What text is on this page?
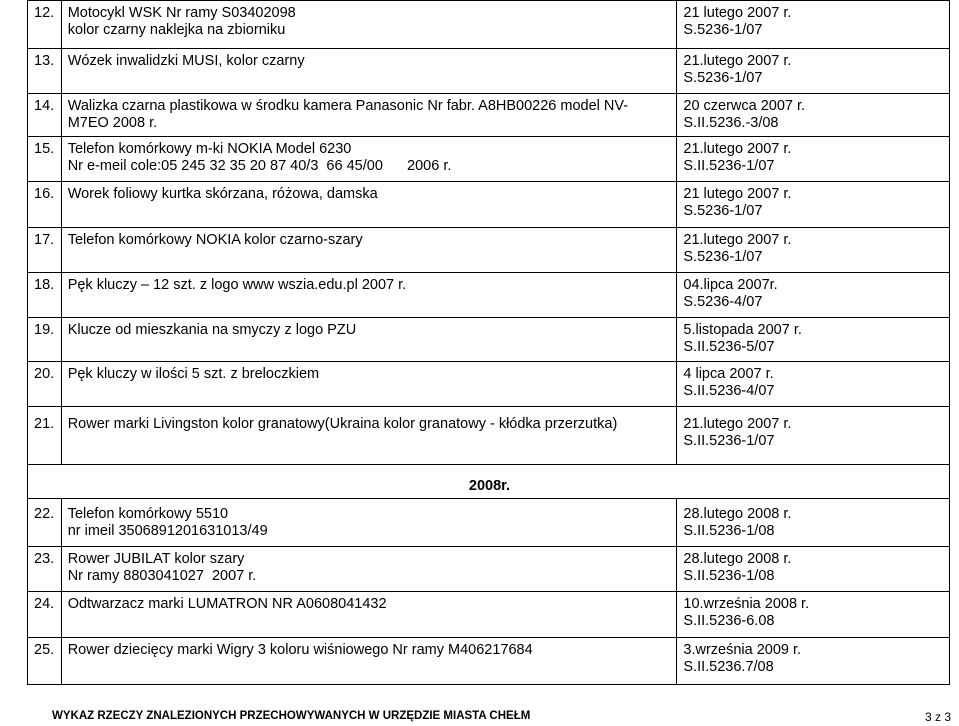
12.	Motocykl WSK Nr ramy S03402098
kolor czarny naklejka na zbiorniku	21 lutego 2007 r.
S.5236-1/07

13.	Wózek inwalidzki MUSI, kolor czarny	21.lutego 2007 r.
S.5236-1/07

14.	Walizka czarna plastikowa w środku kamera Panasonic Nr fabr. A8HB00226 model NV-
M7EO 2008 r.	20 czerwca 2007 r.
S.II.5236.-3/08

15.	Telefon komórkowy m-ki NOKIA Model 6230
Nr e-meil cole:05 245 32 35 20 87 40/3  66 45/00      2006 r.	21.lutego 2007 r.
S.II.5236-1/07

16.	Worek foliowy kurtka skórzana, różowa, damska	21 lutego 2007 r.
S.5236-1/07

17.	Telefon komórkowy NOKIA kolor czarno-szary	21.lutego 2007 r.
S.5236-1/07

18.	Pęk kluczy – 12 szt. z logo www wszia.edu.pl 2007 r.	04.lipca 2007r.
S.5236-4/07

19.	Klucze od mieszkania na smyczy z logo PZU	5.listopada 2007 r.
S.II.5236-5/07

20.	Pęk kluczy w ilości 5 szt. z breloczkiem	4 lipca 2007 r.
S.II.5236-4/07

21.	Rower marki Livingston kolor granatowy(Ukraina kolor granatowy - kłódka przerzutka)	21.lutego 2007 r.
S.II.5236-1/07

2008r.		
22.	Telefon komórkowy 5510
nr imeil 3506891201631013/49	28.lutego 2008 r.
S.II.5236-1/08

23.	Rower JUBILAT kolor szary
Nr ramy 8803041027  2007 r.	28.lutego 2008 r.
S.II.5236-1/08

24.	Odtwarzacz marki LUMATRON NR A0608041432	10.września 2008 r.
S.II.5236-6.08

25.	Rower dziecięcy marki Wigry 3 koloru wiśniowego Nr ramy M406217684	3.września 2009 r.
S.II.5236.7/08
WYKAZ RZECZY ZNALEZIONYCH PRZECHOWYWANYCH W URZĘDZIE MIASTA CHEŁM	3 z 3
